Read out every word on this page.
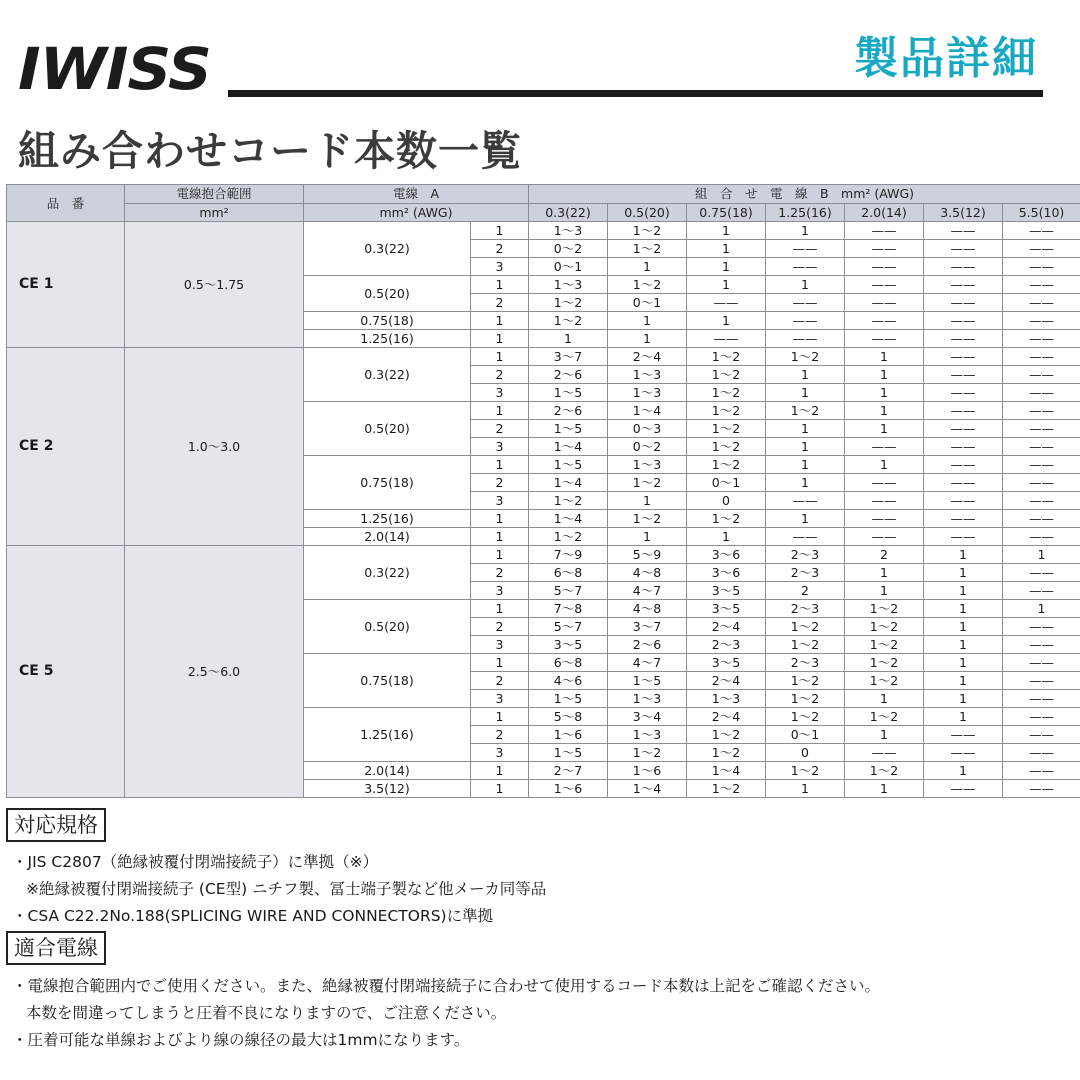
IWISS	製品詳細
組み合わせコード本数一覧
品　番	電線抱合範囲	電線　A		組　合　せ　電　線　B　mm² (AWG)						
	mm²	mm² (AWG)		0.3(22)	0.5(20)	0.75(18)	1.25(16)	2.0(14)	3.5(12)	5.5(10)
CE 1	0.5～1.75	0.3(22)	1	1～3	1～2	1	1	——	——	——
			2	0～2	1～2	1	——	——	——	——
			3	0～1	1	1	——	——	——	——
		0.5(20)	1	1～3	1～2	1	1	——	——	——
			2	1～2	0～1	——	——	——	——	——
		0.75(18)	1	1～2	1	1	——	——	——	——
		1.25(16)	1	1	1	——	——	——	——	——
CE 2	1.0～3.0	0.3(22)	1	3～7	2～4	1～2	1～2	1	——	——
			2	2～6	1～3	1～2	1	1	——	——
			3	1～5	1～3	1～2	1	1	——	——
		0.5(20)	1	2～6	1～4	1～2	1～2	1	——	——
			2	1～5	0～3	1～2	1	1	——	——
			3	1～4	0～2	1～2	1	——	——	——
		0.75(18)	1	1～5	1～3	1～2	1	1	——	——
			2	1～4	1～2	0～1	1	——	——	——
			3	1～2	1	0	——	——	——	——
		1.25(16)	1	1～4	1～2	1～2	1	——	——	——
		2.0(14)	1	1～2	1	1	——	——	——	——
CE 5	2.5～6.0	0.3(22)	1	7～9	5～9	3～6	2～3	2	1	1
			2	6～8	4～8	3～6	2～3	1	1	——
			3	5～7	4～7	3～5	2	1	1	——
		0.5(20)	1	7～8	4～8	3～5	2～3	1～2	1	1
			2	5～7	3～7	2～4	1～2	1～2	1	——
			3	3～5	2～6	2～3	1～2	1～2	1	——
		0.75(18)	1	6～8	4～7	3～5	2～3	1～2	1	——
			2	4～6	1～5	2～4	1～2	1～2	1	——
			3	1～5	1～3	1～3	1～2	1	1	——
		1.25(16)	1	5～8	3～4	2～4	1～2	1～2	1	——
			2	1～6	1～3	1～2	0～1	1	——	——
			3	1～5	1～2	1～2	0	——	——	——
		2.0(14)	1	2～7	1～6	1～4	1～2	1～2	1	——
		3.5(12)	1	1～6	1～4	1～2	1	1	——	——
対応規格
・JIS C2807（絶縁被覆付閉端接続子）に準拠（※）
※絶縁被覆付閉端接続子 (CE型) ニチフ製、冨士端子製など他メーカ同等品
・CSA C22.2No.188(SPLICING WIRE AND CONNECTORS)に準拠
適合電線
・電線抱合範囲内でご使用ください。また、絶縁被覆付閉端接続子に合わせて使用するコード本数は上記をご確認ください。
本数を間違ってしまうと圧着不良になりますので、ご注意ください。
・圧着可能な単線およびより線の線径の最大は1mmになります。
